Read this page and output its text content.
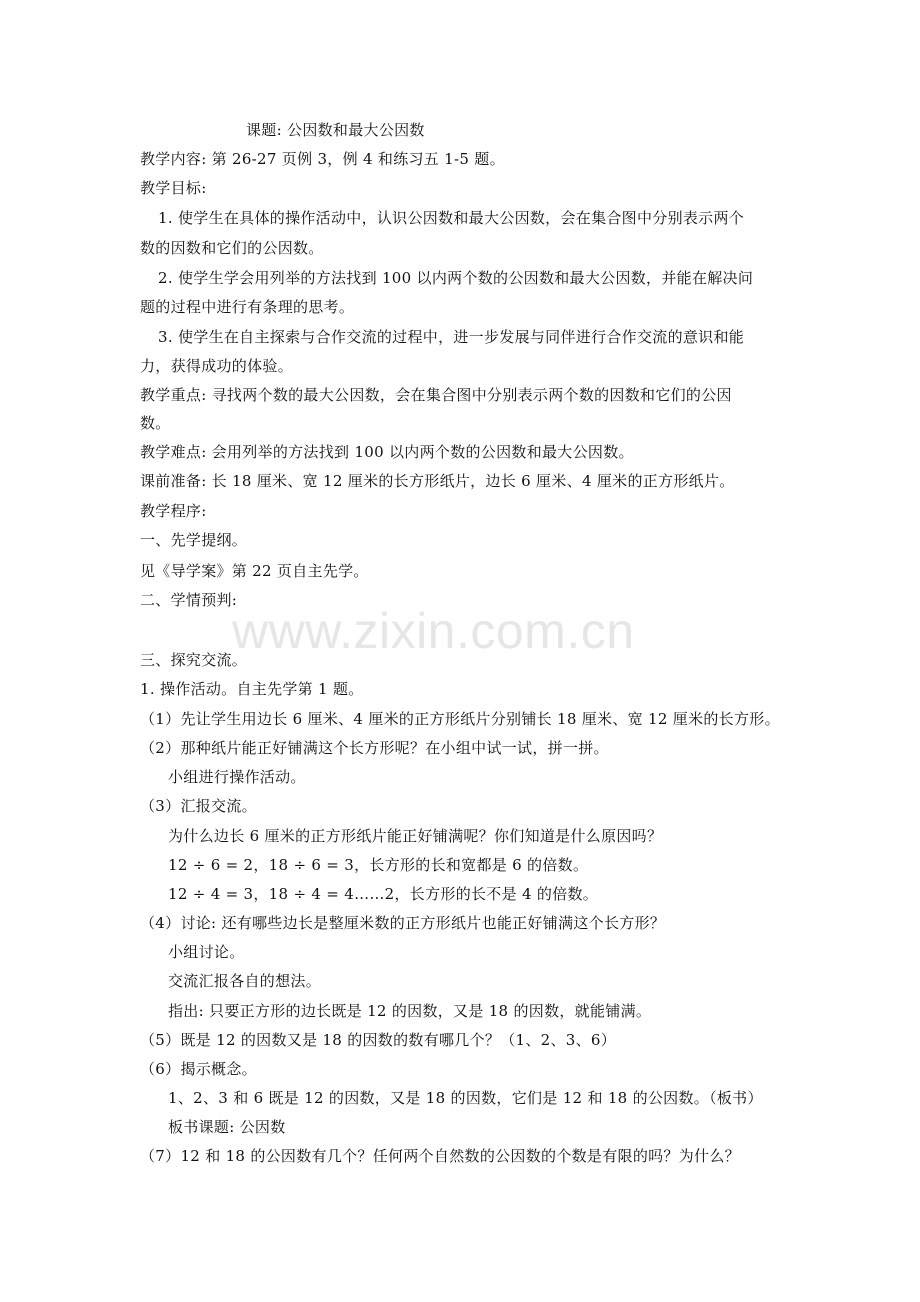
www.zixin.com.cn
课题: 公因数和最大公因数
教学内容: 第 26-27 页例 3，例 4 和练习五 1-5 题。
教学目标:
1. 使学生在具体的操作活动中，认识公因数和最大公因数，会在集合图中分别表示两个
数的因数和它们的公因数。
2. 使学生学会用列举的方法找到 100 以内两个数的公因数和最大公因数，并能在解决问
题的过程中进行有条理的思考。
3. 使学生在自主探索与合作交流的过程中，进一步发展与同伴进行合作交流的意识和能
力，获得成功的体验。
教学重点: 寻找两个数的最大公因数，会在集合图中分别表示两个数的因数和它们的公因
数。
教学难点: 会用列举的方法找到 100 以内两个数的公因数和最大公因数。
课前准备: 长 18 厘米、宽 12 厘米的长方形纸片，边长 6 厘米、4 厘米的正方形纸片。
教学程序:
一、先学提纲。
见《导学案》第 22 页自主先学。
二、学情预判:
三、探究交流。
1. 操作活动。自主先学第 1 题。
（1）先让学生用边长 6 厘米、4 厘米的正方形纸片分别铺长 18 厘米、宽 12 厘米的长方形。
（2）那种纸片能正好铺满这个长方形呢？在小组中试一试，拼一拼。
小组进行操作活动。
（3）汇报交流。
为什么边长 6 厘米的正方形纸片能正好铺满呢？你们知道是什么原因吗？
12 ÷ 6 = 2，18 ÷ 6 = 3，长方形的长和宽都是 6 的倍数。
12 ÷ 4 = 3，18 ÷ 4 = 4……2，长方形的长不是 4 的倍数。
（4）讨论: 还有哪些边长是整厘米数的正方形纸片也能正好铺满这个长方形？
小组讨论。
交流汇报各自的想法。
指出: 只要正方形的边长既是 12 的因数，又是 18 的因数，就能铺满。
（5）既是 12 的因数又是 18 的因数的数有哪几个？（1、2、3、6）
（6）揭示概念。
1、2、3 和 6 既是 12 的因数，又是 18 的因数，它们是 12 和 18 的公因数。（板书）
板书课题: 公因数
（7）12 和 18 的公因数有几个？任何两个自然数的公因数的个数是有限的吗？为什么？
